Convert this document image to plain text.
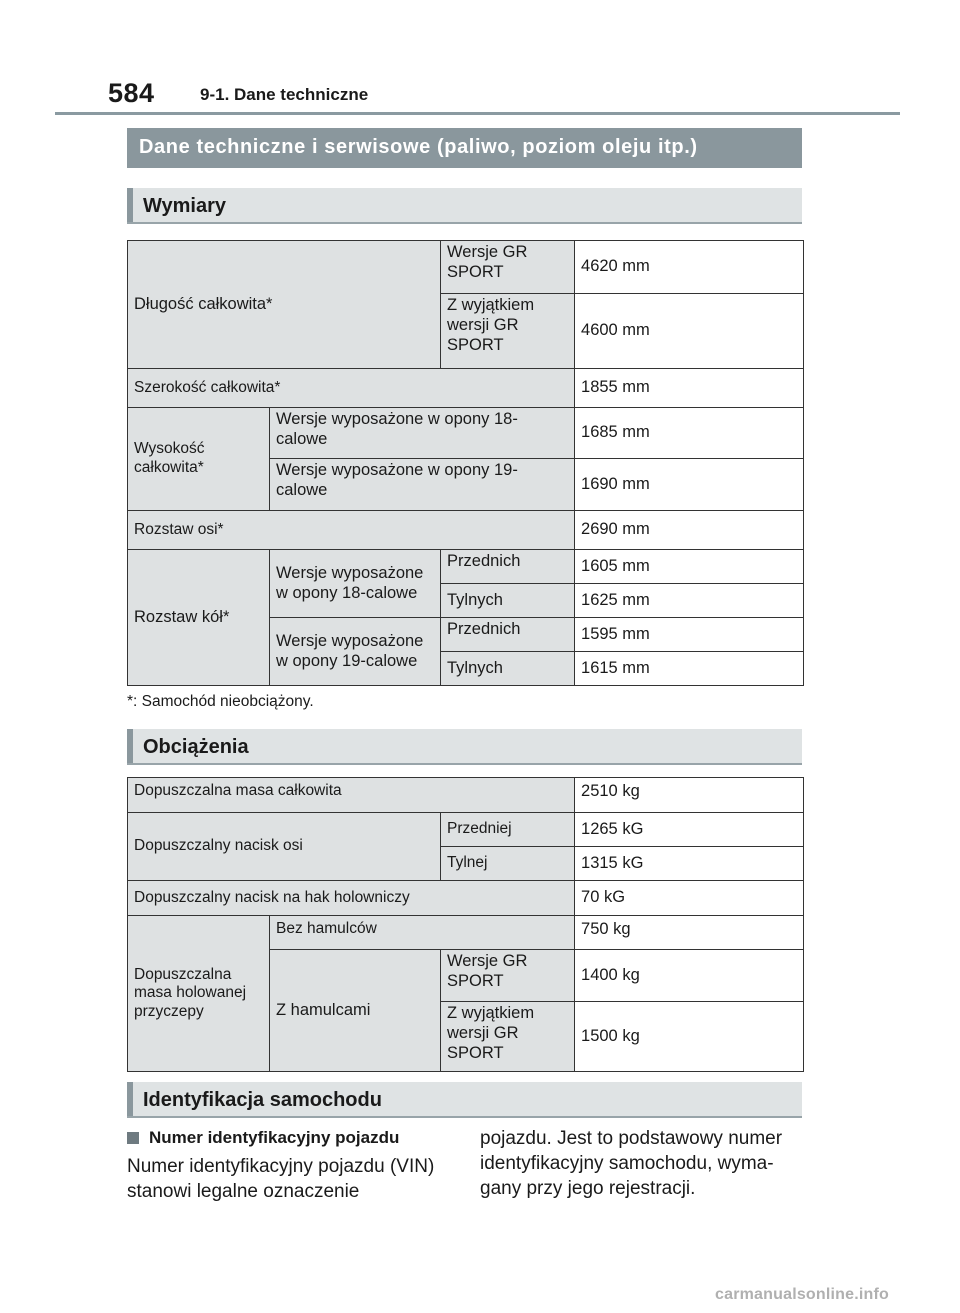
584	9-1. Dane techniczne
Dane techniczne i serwisowe (paliwo, poziom oleju itp.)
Wymiary
Długość całkowita*		Wersje GR SPORT	4620 mm
		Z wyjątkiem wersji GR SPORT	4600 mm
Szerokość całkowita*			1855 mm
Wysokość całkowita*	Wersje wyposażone w opony 18-calowe		1685 mm
	Wersje wyposażone w opony 19-calowe		1690 mm
Rozstaw osi*			2690 mm
Rozstaw kół*	Wersje wyposażone w opony 18-calowe	Przednich	1605 mm
		Tylnych	1625 mm
	Wersje wyposażone w opony 19-calowe	Przednich	1595 mm
		Tylnych	1615 mm
*: Samochód nieobciążony.
Obciążenia
Dopuszczalna masa całkowita			2510 kg
Dopuszczalny nacisk osi		Przedniej	1265 kG
		Tylnej	1315 kG
Dopuszczalny nacisk na hak holowniczy			70 kG
Dopuszczalna masa holowanej przyczepy	Bez hamulców		750 kg
	Z hamulcami	Wersje GR SPORT	1400 kg
		Z wyjątkiem wersji GR SPORT	1500 kg
Identyfikacja samochodu
Numer identyfikacyjny pojazdu
Numer identyfikacyjny pojazdu (VIN) stanowi legalne oznaczenie
pojazdu. Jest to podstawowy numer identyfikacyjny samochodu, wyma-gany przy jego rejestracji.
carmanualsonline.info
